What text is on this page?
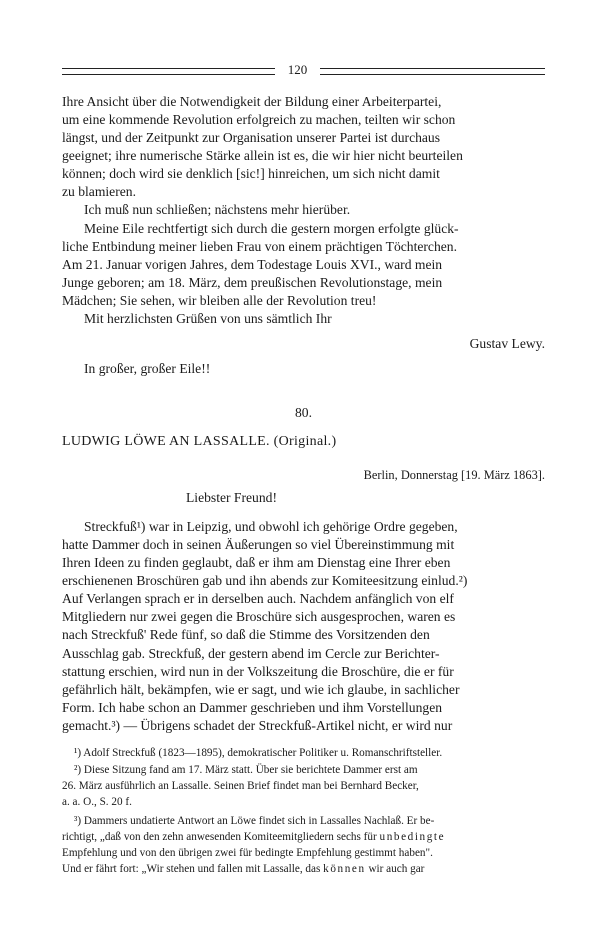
120
Ihre Ansicht über die Notwendigkeit der Bildung einer Arbeiterpartei,
um eine kommende Revolution erfolgreich zu machen, teilten wir schon
längst, und der Zeitpunkt zur Organisation unserer Partei ist durchaus
geeignet; ihre numerische Stärke allein ist es, die wir hier nicht beurteilen
können; doch wird sie denklich [sic!] hinreichen, um sich nicht damit
zu blamieren.
Ich muß nun schließen; nächstens mehr hierüber.
Meine Eile rechtfertigt sich durch die gestern morgen erfolgte glück-
liche Entbindung meiner lieben Frau von einem prächtigen Töchterchen.
Am 21. Januar vorigen Jahres, dem Todestage Louis XVI., ward mein
Junge geboren; am 18. März, dem preußischen Revolutionstage, mein
Mädchen; Sie sehen, wir bleiben alle der Revolution treu!
Mit herzlichsten Grüßen von uns sämtlich Ihr
Gustav Lewy.
In großer, großer Eile!!
80.
LUDWIG LÖWE AN LASSALLE. (Original.)
Berlin, Donnerstag [19. März 1863].
Liebster Freund!
Streckfuß¹) war in Leipzig, und obwohl ich gehörige Ordre gegeben,
hatte Dammer doch in seinen Äußerungen so viel Übereinstimmung mit
Ihren Ideen zu finden geglaubt, daß er ihm am Dienstag eine Ihrer eben
erschienenen Broschüren gab und ihn abends zur Komiteesitzung einlud.²)
Auf Verlangen sprach er in derselben auch. Nachdem anfänglich von elf
Mitgliedern nur zwei gegen die Broschüre sich ausgesprochen, waren es
nach Streckfuß' Rede fünf, so daß die Stimme des Vorsitzenden den
Ausschlag gab. Streckfuß, der gestern abend im Cercle zur Berichter-
stattung erschien, wird nun in der Volkszeitung die Broschüre, die er für
gefährlich hält, bekämpfen, wie er sagt, und wie ich glaube, in sachlicher
Form. Ich habe schon an Dammer geschrieben und ihm Vorstellungen
gemacht.³) — Übrigens schadet der Streckfuß-Artikel nicht, er wird nur
¹) Adolf Streckfuß (1823—1895), demokratischer Politiker u. Romanschriftsteller.
²) Diese Sitzung fand am 17. März statt. Über sie berichtete Dammer erst am
26. März ausführlich an Lassalle. Seinen Brief findet man bei Bernhard Becker,
a. a. O., S. 20 f.
³) Dammers undatierte Antwort an Löwe findet sich in Lassalles Nachlaß. Er be-
richtigt, „daß von den zehn anwesenden Komiteemitgliedern sechs für unbedingte
Empfehlung und von den übrigen zwei für bedingte Empfehlung gestimmt haben".
Und er fährt fort: „Wir stehen und fallen mit Lassalle, das können wir auch gar
